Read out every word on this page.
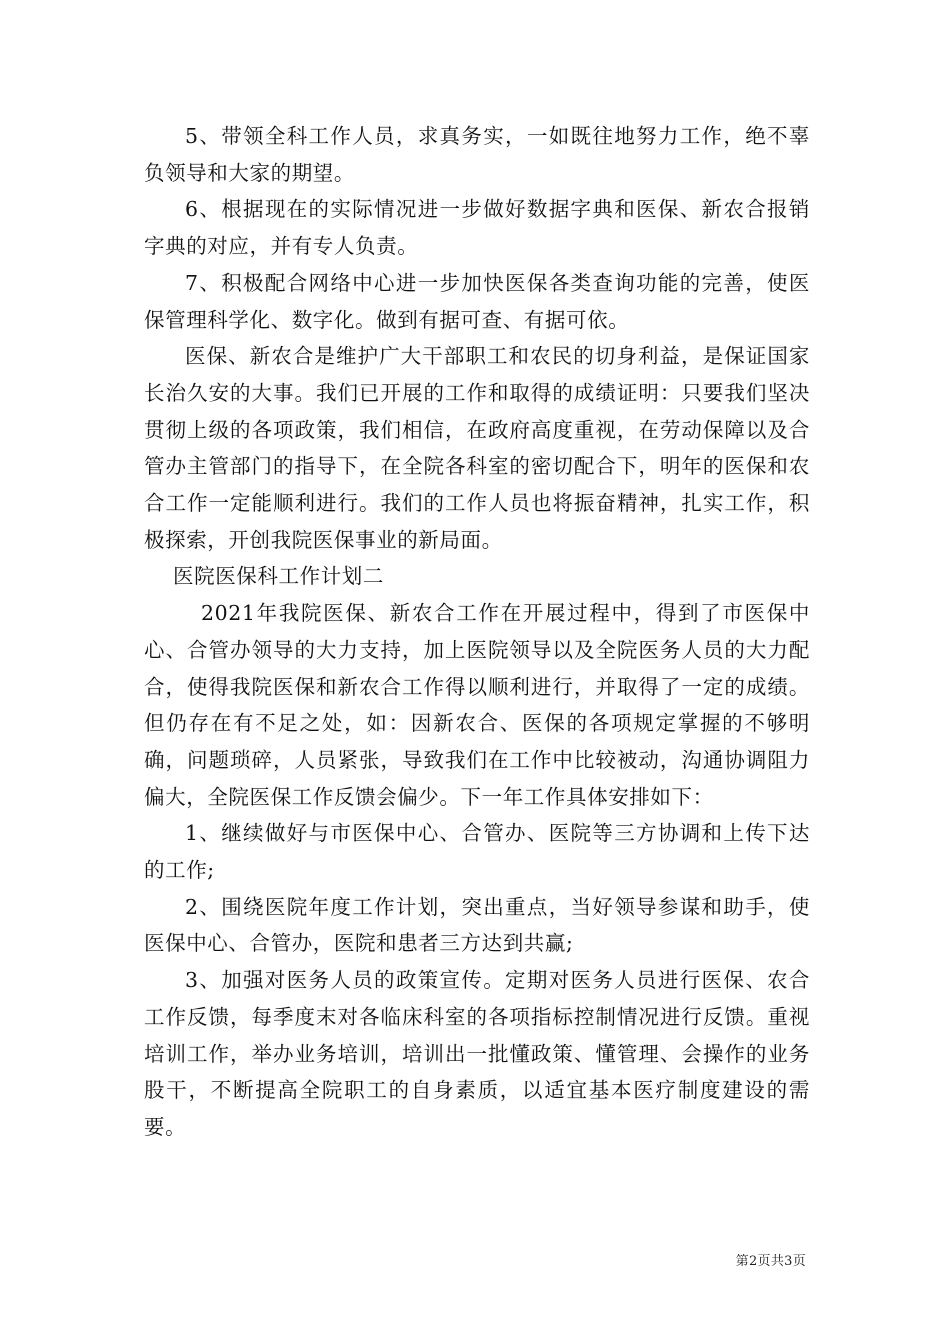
5、带领全科工作人员，求真务实，一如既往地努力工作，绝不辜负领导和大家的期望。

6、根据现在的实际情况进一步做好数据字典和医保、新农合报销字典的对应，并有专人负责。

7、积极配合网络中心进一步加快医保各类查询功能的完善，使医保管理科学化、数字化。做到有据可查、有据可依。

医保、新农合是维护广大干部职工和农民的切身利益，是保证国家长治久安的大事。我们已开展的工作和取得的成绩证明：只要我们坚决贯彻上级的各项政策，我们相信，在政府高度重视，在劳动保障以及合管办主管部门的指导下，在全院各科室的密切配合下，明年的医保和农合工作一定能顺利进行。我们的工作人员也将振奋精神，扎实工作，积极探索，开创我院医保事业的新局面。

医院医保科工作计划二

2021年我院医保、新农合工作在开展过程中，得到了市医保中心、合管办领导的大力支持，加上医院领导以及全院医务人员的大力配合，使得我院医保和新农合工作得以顺利进行，并取得了一定的成绩。但仍存在有不足之处，如：因新农合、医保的各项规定掌握的不够明确，问题琐碎，人员紧张，导致我们在工作中比较被动，沟通协调阻力偏大，全院医保工作反馈会偏少。下一年工作具体安排如下：

1、继续做好与市医保中心、合管办、医院等三方协调和上传下达的工作;

2、围绕医院年度工作计划，突出重点，当好领导参谋和助手，使医保中心、合管办，医院和患者三方达到共赢;

3、加强对医务人员的政策宣传。定期对医务人员进行医保、农合工作反馈，每季度末对各临床科室的各项指标控制情况进行反馈。重视培训工作，举办业务培训，培训出一批懂政策、懂管理、会操作的业务股干，不断提高全院职工的自身素质，以适宜基本医疗制度建设的需要。

第2页共3页
